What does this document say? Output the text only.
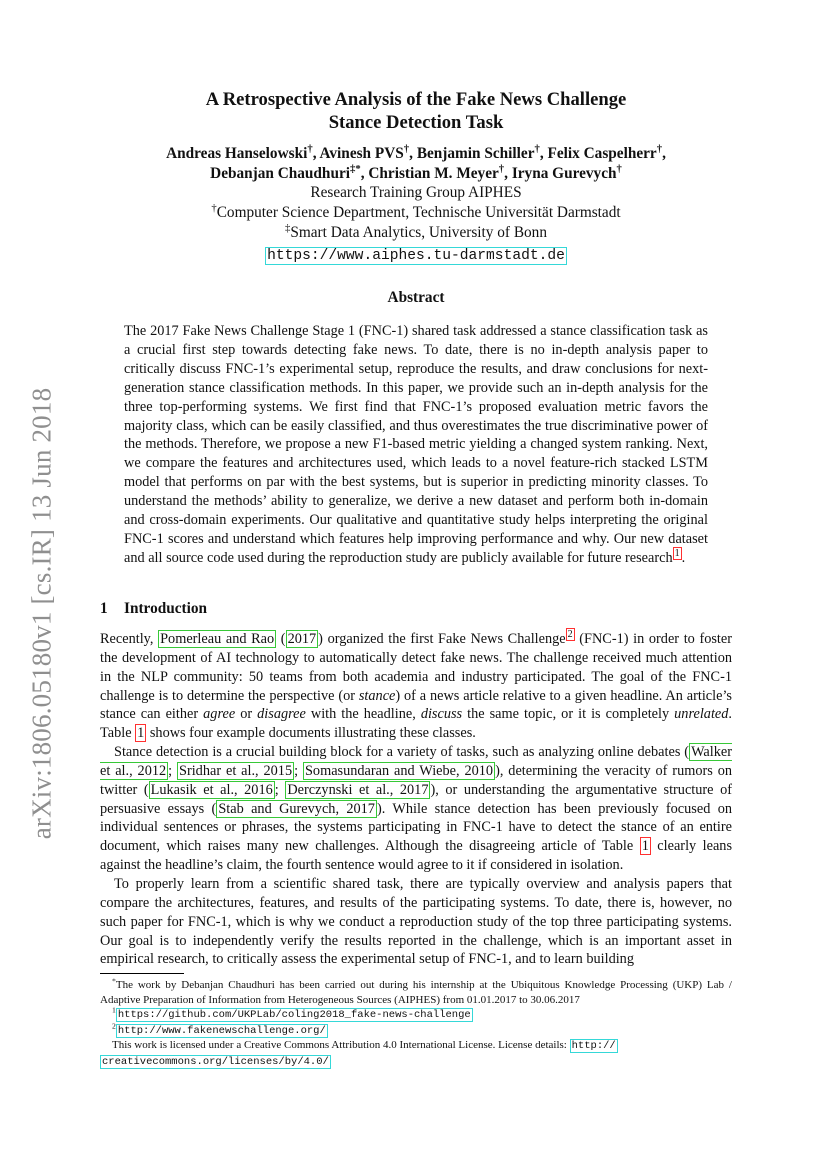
arXiv:1806.05180v1 [cs.IR] 13 Jun 2018
A Retrospective Analysis of the Fake News Challenge
Stance Detection Task
Andreas Hanselowski†, Avinesh PVS†, Benjamin Schiller†, Felix Caspelherr†,
Debanjan Chaudhuri‡*, Christian M. Meyer†, Iryna Gurevych†
Research Training Group AIPHES
†Computer Science Department, Technische Universität Darmstadt
‡Smart Data Analytics, University of Bonn
https://www.aiphes.tu-darmstadt.de
Abstract
The 2017 Fake News Challenge Stage 1 (FNC-1) shared task addressed a stance classification task as a crucial first step towards detecting fake news. To date, there is no in-depth analysis paper to critically discuss FNC-1’s experimental setup, reproduce the results, and draw conclusions for next-generation stance classification methods. In this paper, we provide such an in-depth analysis for the three top-performing systems. We first find that FNC-1’s proposed evaluation metric favors the majority class, which can be easily classified, and thus overestimates the true discriminative power of the methods. Therefore, we propose a new F1-based metric yielding a changed system ranking. Next, we compare the features and architectures used, which leads to a novel feature-rich stacked LSTM model that performs on par with the best systems, but is superior in predicting minority classes. To understand the methods’ ability to generalize, we derive a new dataset and perform both in-domain and cross-domain experiments. Our qualitative and quantitative study helps interpreting the original FNC-1 scores and understand which features help improving performance and why. Our new dataset and all source code used during the reproduction study are publicly available for future research $^1$ .
1 Introduction

Recently, Pomerleau and Rao ( 2017 ) organized the first Fake News Challenge $^2$ (FNC-1) in order to foster the development of AI technology to automatically detect fake news. The challenge received much attention in the NLP community: 50 teams from both academia and industry participated. The goal of the FNC-1 challenge is to determine the perspective (or stance) of a news article relative to a given headline. An article’s stance can either agree or disagree with the headline, discuss the same topic, or it is completely unrelated. Table 1 shows four example documents illustrating these classes.

Stance detection is a crucial building block for a variety of tasks, such as analyzing online debates ( Walker et al., 2012 ; Sridhar et al., 2015 ; Somasundaran and Wiebe, 2010 ), determining the veracity of rumors on twitter ( Lukasik et al., 2016 ; Derczynski et al., 2017 ), or understanding the argumentative structure of persuasive essays ( Stab and Gurevych, 2017 ). While stance detection has been previously focused on individual sentences or phrases, the systems participating in FNC-1 have to detect the stance of an entire document, which raises many new challenges. Although the disagreeing article of Table 1 clearly leans against the headline’s claim, the fourth sentence would agree to it if considered in isolation.

To properly learn from a scientific shared task, there are typically overview and analysis papers that compare the architectures, features, and results of the participating systems. To date, there is, however, no such paper for FNC-1, which is why we conduct a reproduction study of the top three participating systems. Our goal is to independently verify the results reported in the challenge, which is an important asset in empirical research, to critically assess the experimental setup of FNC-1, and to learn building

*The work by Debanjan Chaudhuri has been carried out during his internship at the Ubiquitous Knowledge Processing (UKP) Lab / Adaptive Preparation of Information from Heterogeneous Sources (AIPHES) from 01.01.2017 to 30.06.2017

$^1$ https://github.com/UKPLab/coling2018_fake-news-challenge

$^2$ http://www.fakenewschallenge.org/

This work is licensed under a Creative Commons Attribution 4.0 International License. License details: http://

creativecommons.org/licenses/by/4.0/
